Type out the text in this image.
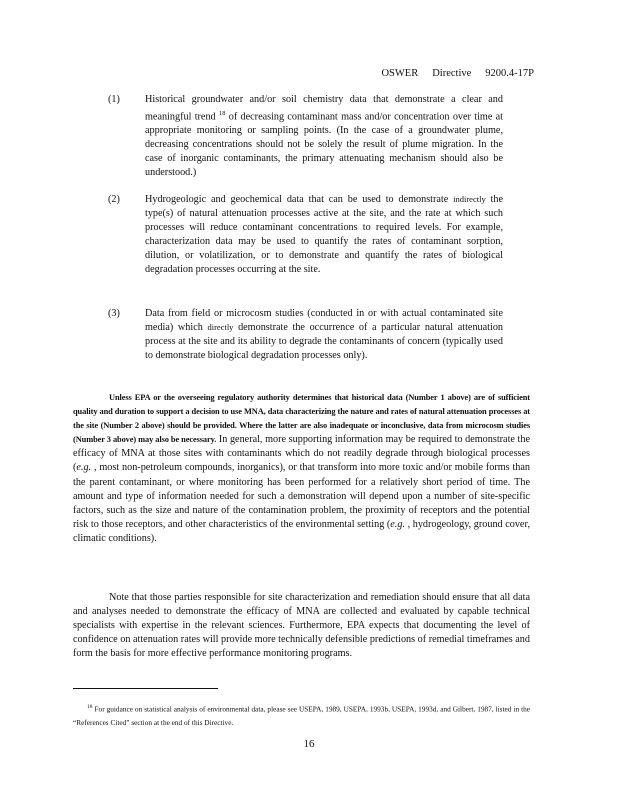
OSWER Directive 9200.4-17P
(1) Historical groundwater and/or soil chemistry data that demonstrate a clear and meaningful trend $^{18}$ of decreasing contaminant mass and/or concentration over time at appropriate monitoring or sampling points. (In the case of a groundwater plume, decreasing concentrations should not be solely the result of plume migration. In the case of inorganic contaminants, the primary attenuating mechanism should also be understood.)
(2) Hydrogeologic and geochemical data that can be used to demonstrate indirectly the type(s) of natural attenuation processes active at the site, and the rate at which such processes will reduce contaminant concentrations to required levels. For example, characterization data may be used to quantify the rates of contaminant sorption, dilution, or volatilization, or to demonstrate and quantify the rates of biological degradation processes occurring at the site.
(3) Data from field or microcosm studies (conducted in or with actual contaminated site media) which directly demonstrate the occurrence of a particular natural attenuation process at the site and its ability to degrade the contaminants of concern (typically used to demonstrate biological degradation processes only).
Unless EPA or the overseeing regulatory authority determines that historical data (Number 1 above) are of sufficient quality and duration to support a decision to use MNA, data characterizing the nature and rates of natural attenuation processes at the site (Number 2 above) should be provided. Where the latter are also inadequate or inconclusive, data from microcosm studies (Number 3 above) may also be necessary. In general, more supporting information may be required to demonstrate the efficacy of MNA at those sites with contaminants which do not readily degrade through biological processes (e.g. , most non-petroleum compounds, inorganics), or that transform into more toxic and/or mobile forms than the parent contaminant, or where monitoring has been performed for a relatively short period of time. The amount and type of information needed for such a demonstration will depend upon a number of site-specific factors, such as the size and nature of the contamination problem, the proximity of receptors and the potential risk to those receptors, and other characteristics of the environmental setting (e.g. , hydrogeology, ground cover, climatic conditions).
Note that those parties responsible for site characterization and remediation should ensure that all data and analyses needed to demonstrate the efficacy of MNA are collected and evaluated by capable technical specialists with expertise in the relevant sciences. Furthermore, EPA expects that documenting the level of confidence on attenuation rates will provide more technically defensible predictions of remedial timeframes and form the basis for more effective performance monitoring programs.
$^{18}$ For guidance on statistical analysis of environmental data, please see USEPA, 1989, USEPA, 1993b, USEPA, 1993d, and Gilbert, 1987, listed in the “References Cited” section at the end of this Directive.
16
